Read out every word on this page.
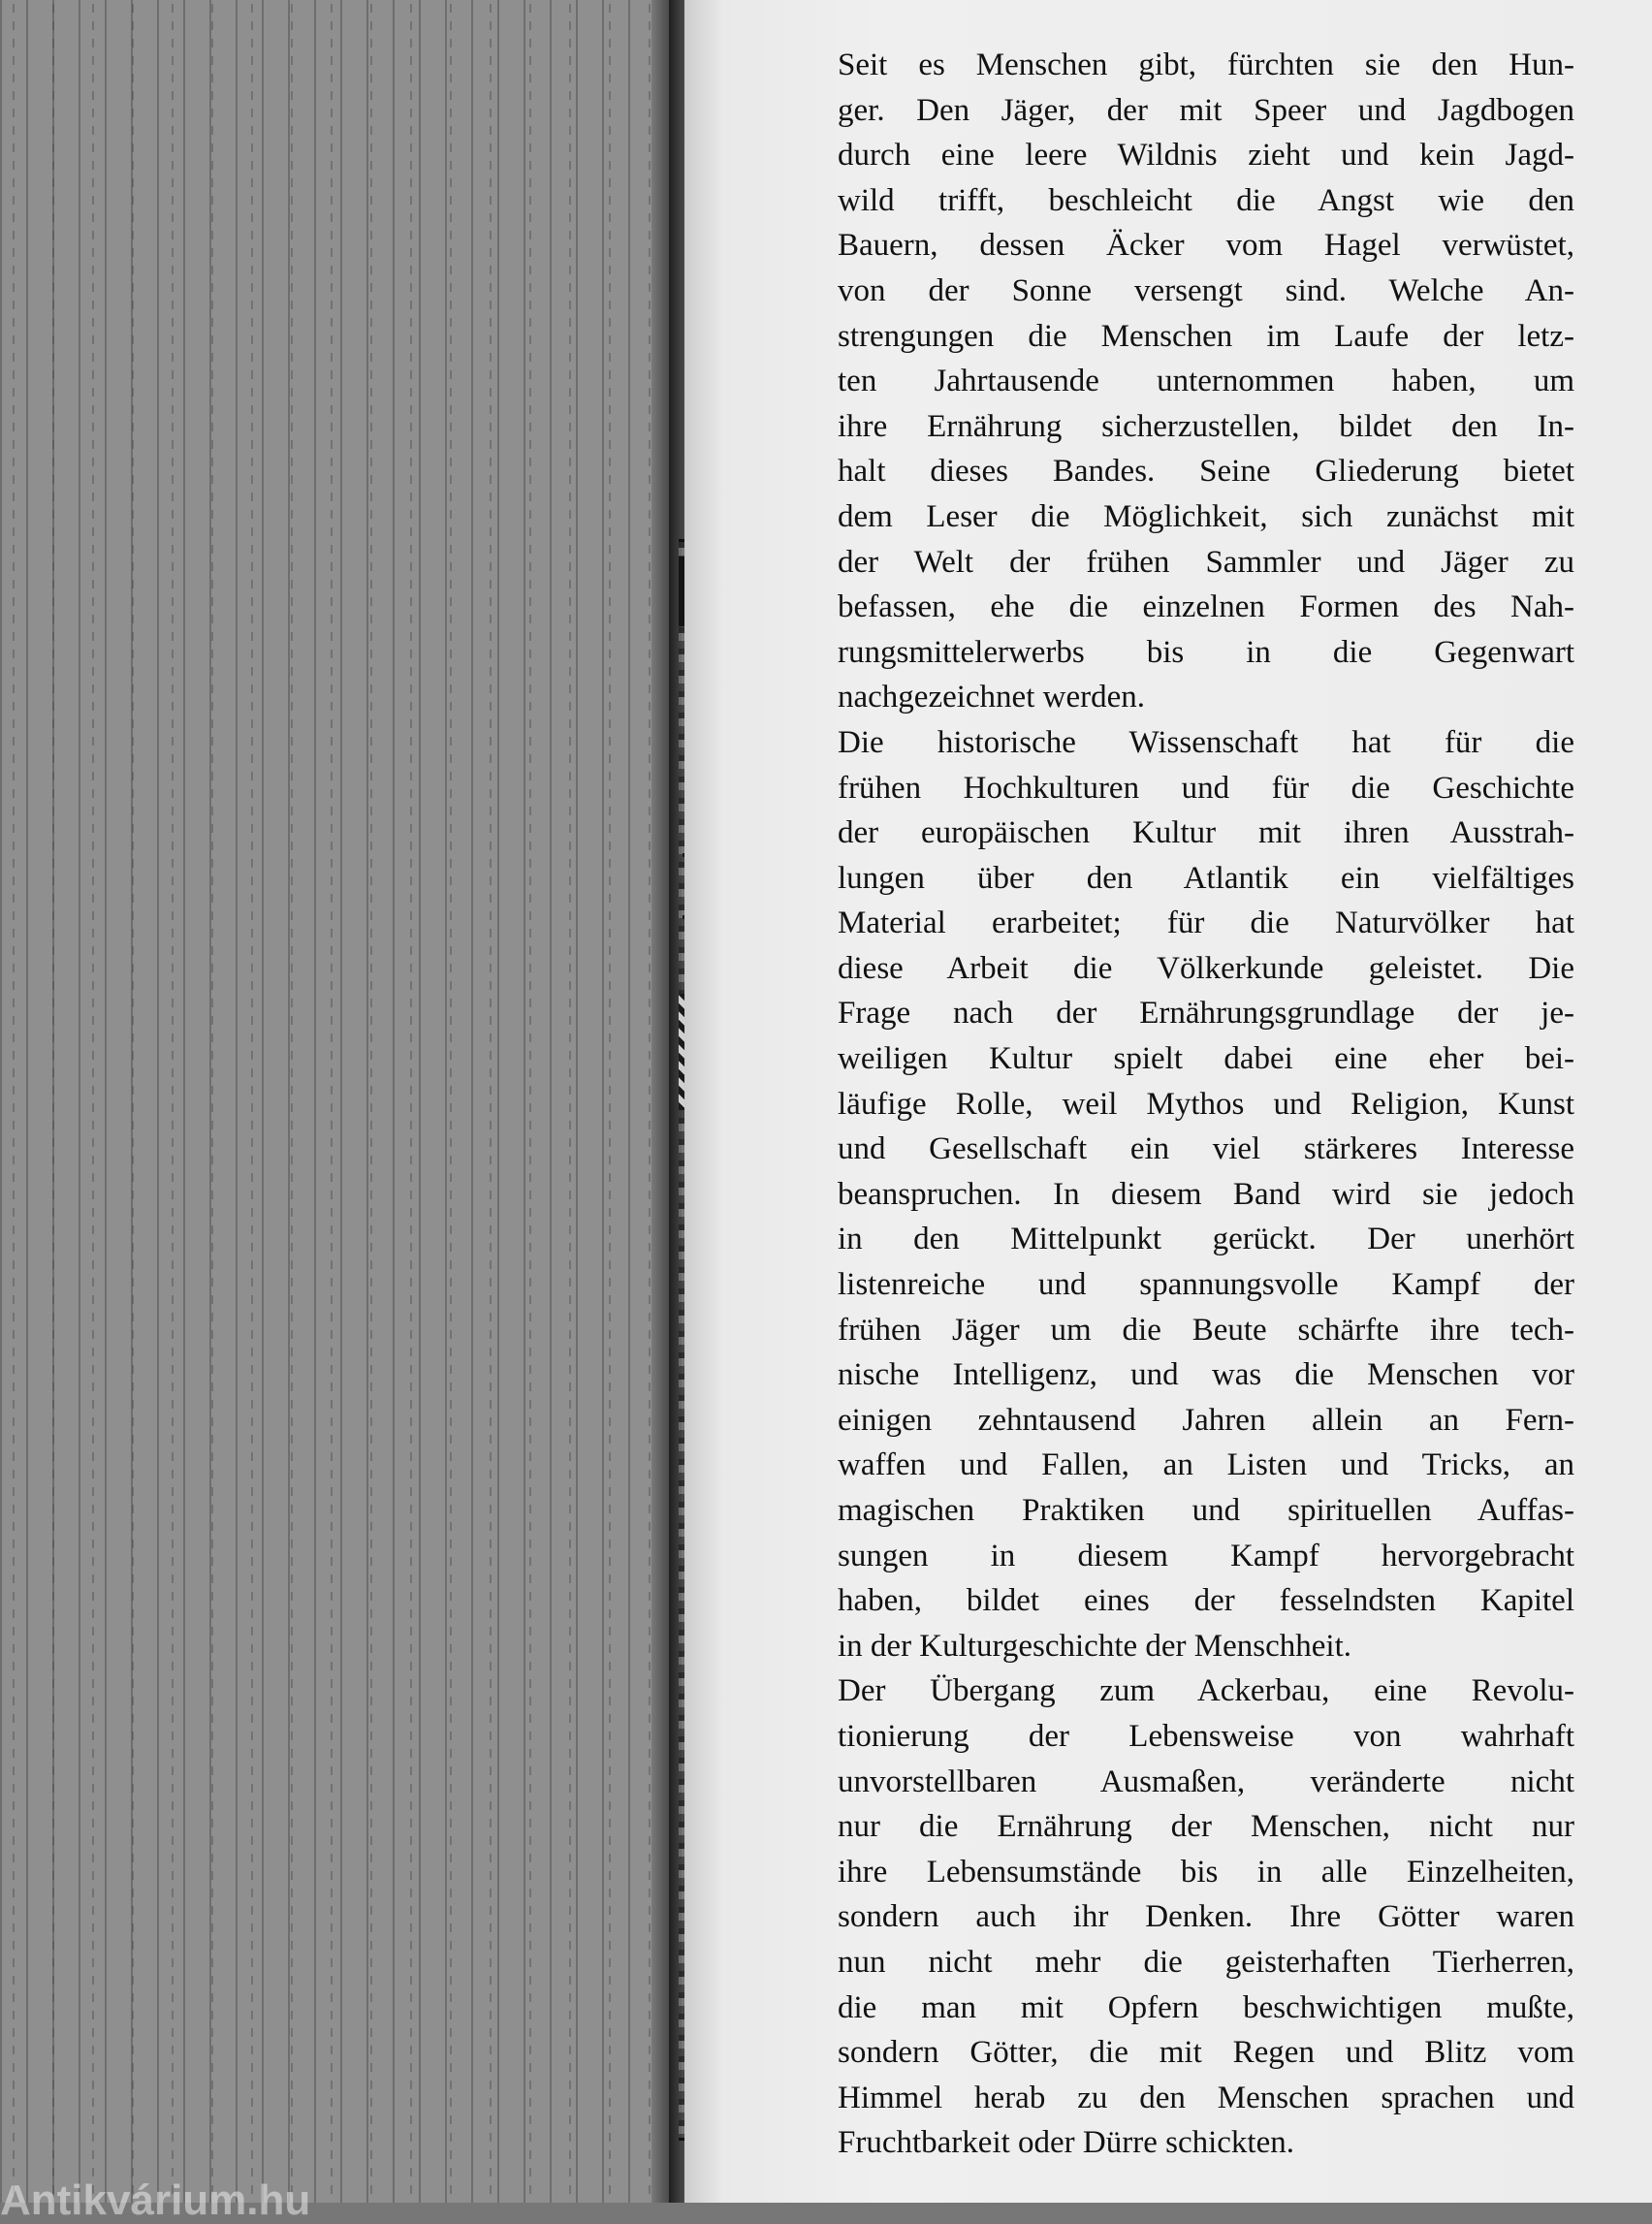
Seit es Menschen gibt, fürchten sie den Hun-
ger. Den Jäger, der mit Speer und Jagdbogen
durch eine leere Wildnis zieht und kein Jagd-
wild trifft, beschleicht die Angst wie den
Bauern, dessen Äcker vom Hagel verwüstet,
von der Sonne versengt sind. Welche An-
strengungen die Menschen im Laufe der letz-
ten Jahrtausende unternommen haben, um
ihre Ernährung sicherzustellen, bildet den In-
halt dieses Bandes. Seine Gliederung bietet
dem Leser die Möglichkeit, sich zunächst mit
der Welt der frühen Sammler und Jäger zu
befassen, ehe die einzelnen Formen des Nah-
rungsmittelerwerbs bis in die Gegenwart
nachgezeichnet werden.
Die historische Wissenschaft hat für die
frühen Hochkulturen und für die Geschichte
der europäischen Kultur mit ihren Ausstrah-
lungen über den Atlantik ein vielfältiges
Material erarbeitet; für die Naturvölker hat
diese Arbeit die Völkerkunde geleistet. Die
Frage nach der Ernährungsgrundlage der je-
weiligen Kultur spielt dabei eine eher bei-
läufige Rolle, weil Mythos und Religion, Kunst
und Gesellschaft ein viel stärkeres Interesse
beanspruchen. In diesem Band wird sie jedoch
in den Mittelpunkt gerückt. Der unerhört
listenreiche und spannungsvolle Kampf der
frühen Jäger um die Beute schärfte ihre tech-
nische Intelligenz, und was die Menschen vor
einigen zehntausend Jahren allein an Fern-
waffen und Fallen, an Listen und Tricks, an
magischen Praktiken und spirituellen Auffas-
sungen in diesem Kampf hervorgebracht
haben, bildet eines der fesselndsten Kapitel
in der Kulturgeschichte der Menschheit.
Der Übergang zum Ackerbau, eine Revolu-
tionierung der Lebensweise von wahrhaft
unvorstellbaren Ausmaßen, veränderte nicht
nur die Ernährung der Menschen, nicht nur
ihre Lebensumstände bis in alle Einzelheiten,
sondern auch ihr Denken. Ihre Götter waren
nun nicht mehr die geisterhaften Tierherren,
die man mit Opfern beschwichtigen mußte,
sondern Götter, die mit Regen und Blitz vom
Himmel herab zu den Menschen sprachen und
Fruchtbarkeit oder Dürre schickten.
Antikvárium.hu
